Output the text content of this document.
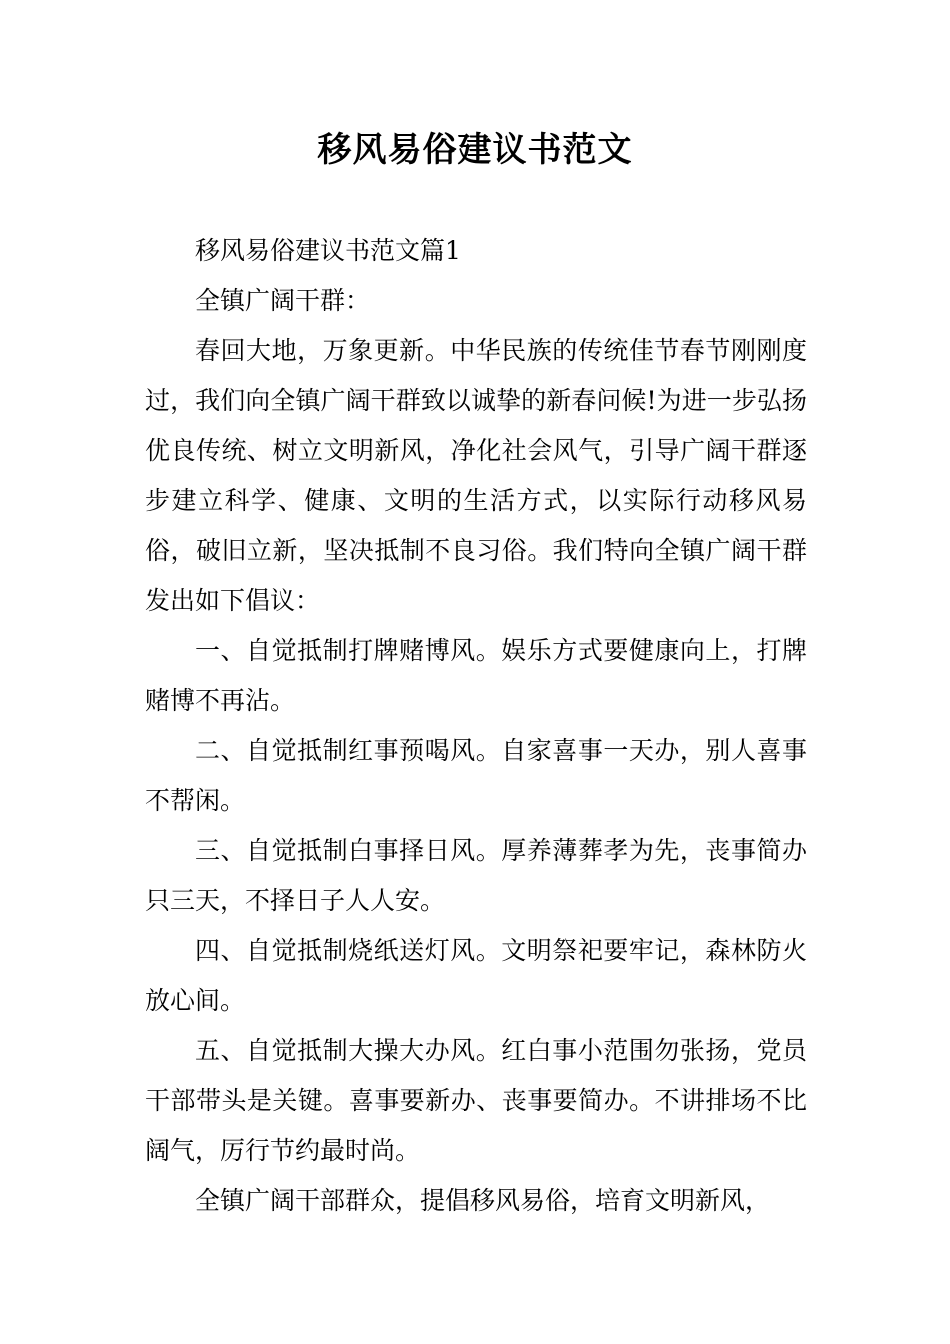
移风易俗建议书范文

移风易俗建议书范文篇1

全镇广阔干群：

春回大地，万象更新。中华民族的传统佳节春节刚刚度过，我们向全镇广阔干群致以诚挚的新春问候!为进一步弘扬优良传统、树立文明新风，净化社会风气，引导广阔干群逐步建立科学、健康、文明的生活方式，以实际行动移风易俗，破旧立新，坚决抵制不良习俗。我们特向全镇广阔干群发出如下倡议：

一、自觉抵制打牌赌博风。娱乐方式要健康向上，打牌赌博不再沾。

二、自觉抵制红事预喝风。自家喜事一天办，别人喜事不帮闲。

三、自觉抵制白事择日风。厚养薄葬孝为先，丧事简办只三天，不择日子人人安。

四、自觉抵制烧纸送灯风。文明祭祀要牢记，森林防火放心间。

五、自觉抵制大操大办风。红白事小范围勿张扬，党员干部带头是关键。喜事要新办、丧事要简办。不讲排场不比阔气，厉行节约最时尚。

全镇广阔干部群众，提倡移风易俗，培育文明新风，
